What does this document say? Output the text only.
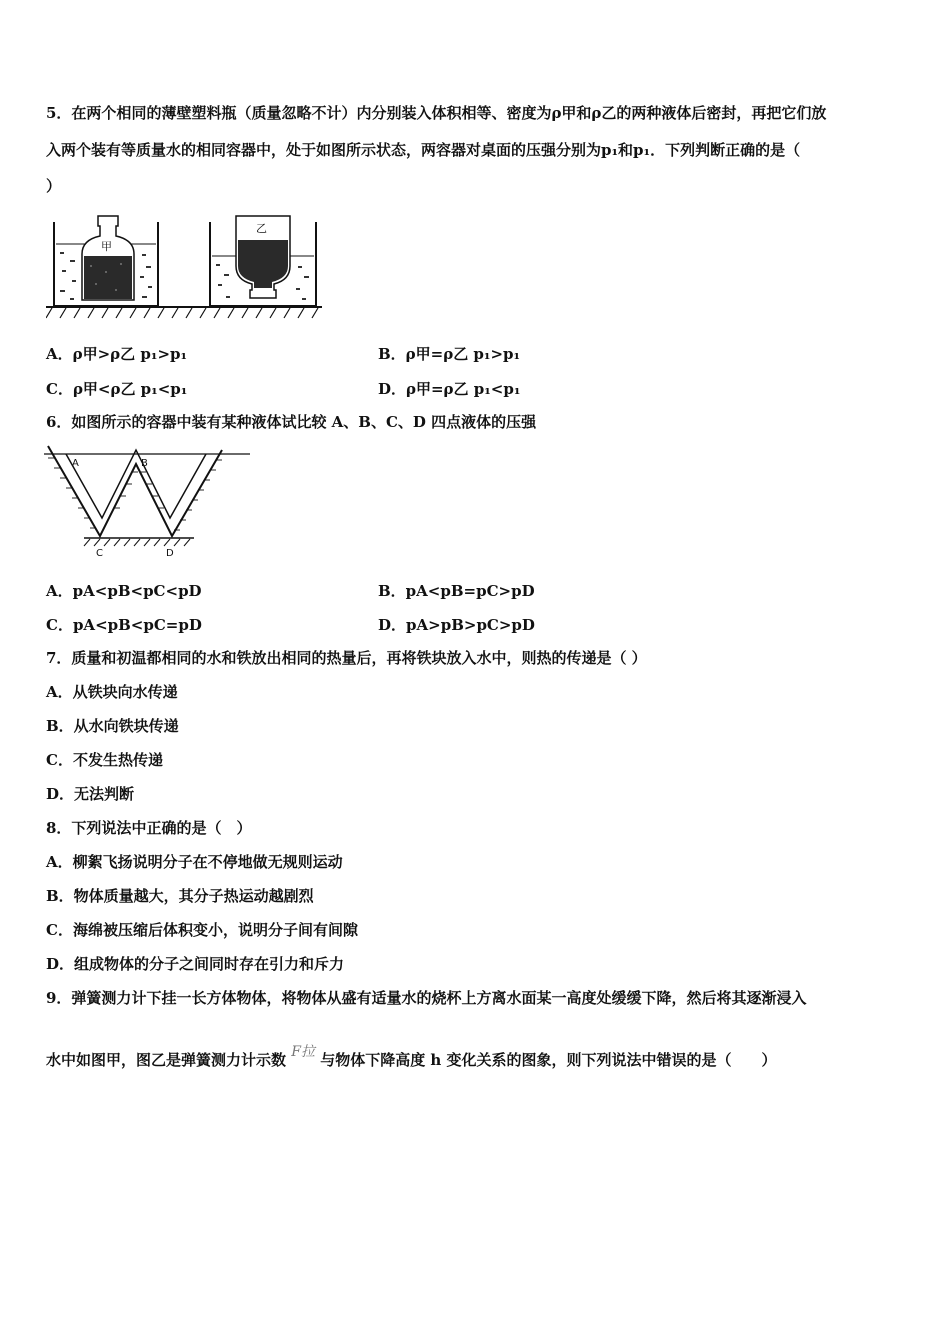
5．在两个相同的薄壁塑料瓶（质量忽略不计）内分别装入体积相等、密度为ρ甲和ρ乙的两种液体后密封，再把它们放
入两个装有等质量水的相同容器中，处于如图所示状态，两容器对桌面的压强分别为p₁和p₁．下列判断正确的是（
）
甲
乙
A．ρ甲>ρ乙 p₁>p₁	B．ρ甲=ρ乙 p₁>p₁
C．ρ甲<ρ乙 p₁<p₁	D．ρ甲=ρ乙 p₁<p₁
6．如图所示的容器中装有某种液体试比较 A、B、C、D 四点液体的压强
A	B
C	D
A．pA<pB<pC<pD	B．pA<pB=pC>pD
C．pA<pB<pC=pD	D．pA>pB>pC>pD
7．质量和初温都相同的水和铁放出相同的热量后，再将铁块放入水中，则热的传递是（ ）
A．从铁块向水传递
B．从水向铁块传递
C．不发生热传递
D．无法判断
8．下列说法中正确的是（　）
A．柳絮飞扬说明分子在不停地做无规则运动
B．物体质量越大，其分子热运动越剧烈
C．海绵被压缩后体积变小，说明分子间有间隙
D．组成物体的分子之间同时存在引力和斥力
9．弹簧测力计下挂一长方体物体，将物体从盛有适量水的烧杯上方离水面某一高度处缓缓下降，然后将其逐渐浸入
水中如图甲，图乙是弹簧测力计示数 F拉 与物体下降高度 h 变化关系的图象，则下列说法中错误的是（　　）
